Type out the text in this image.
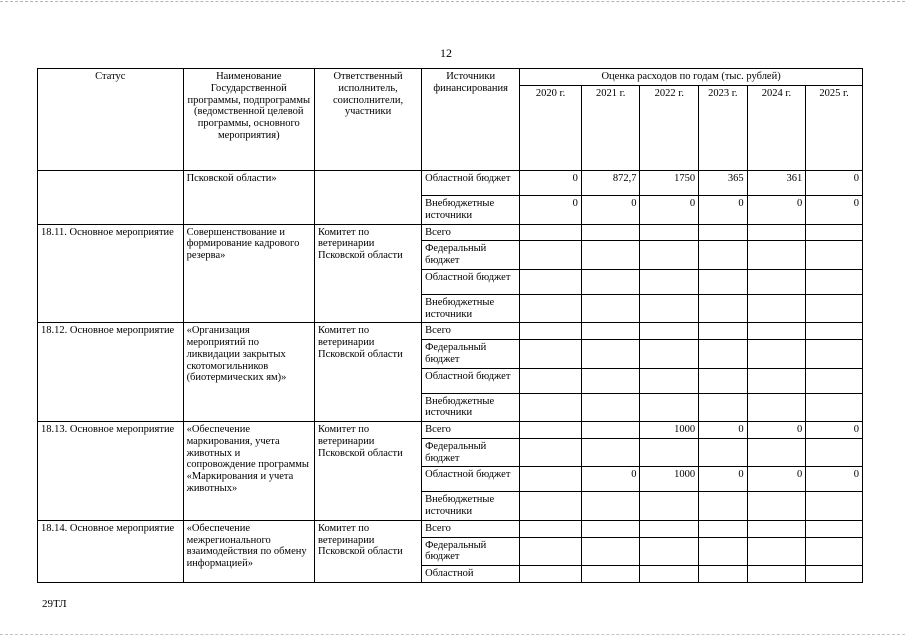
12
Статус	Наименование Государственной программы, подпрограммы (ведомственной целевой программы, основного мероприятия)	Ответственный исполнитель, соисполнители, участники	Источники финансирования	Оценка расходов по годам (тыс. рублей)					
				2020 г.	2021 г.	2022 г.	2023 г.	2024 г.	2025 г.
	Псковской области»		Областной бюджет	0	872,7	1750	365	361	0
			Внебюджетные источники	0	0	0	0	0	0
18.11. Основное мероприятие	Совершенствование и формирование кадрового резерва»	Комитет по ветеринарии Псковской области	Всего						
			Федеральный бюджет						
			Областной бюджет						
			Внебюджетные источники						
18.12. Основное мероприятие	«Организация мероприятий по ликвидации закрытых скотомогильников (биотермических ям)»	Комитет по ветеринарии Псковской области	Всего						
			Федеральный бюджет						
			Областной бюджет						
			Внебюджетные источники						
18.13. Основное мероприятие	«Обеспечение маркирования, учета животных и сопровождение программы «Маркирования и учета животных»	Комитет по ветеринарии Псковской области	Всего			1000	0	0	0
			Федеральный бюджет						
			Областной бюджет		0	1000	0	0	0
			Внебюджетные источники						
18.14. Основное мероприятие	«Обеспечение межрегионального взаимодействия по обмену информацией»	Комитет по ветеринарии Псковской области	Всего						
			Федеральный бюджет						
			Областной						
29ТЛ
